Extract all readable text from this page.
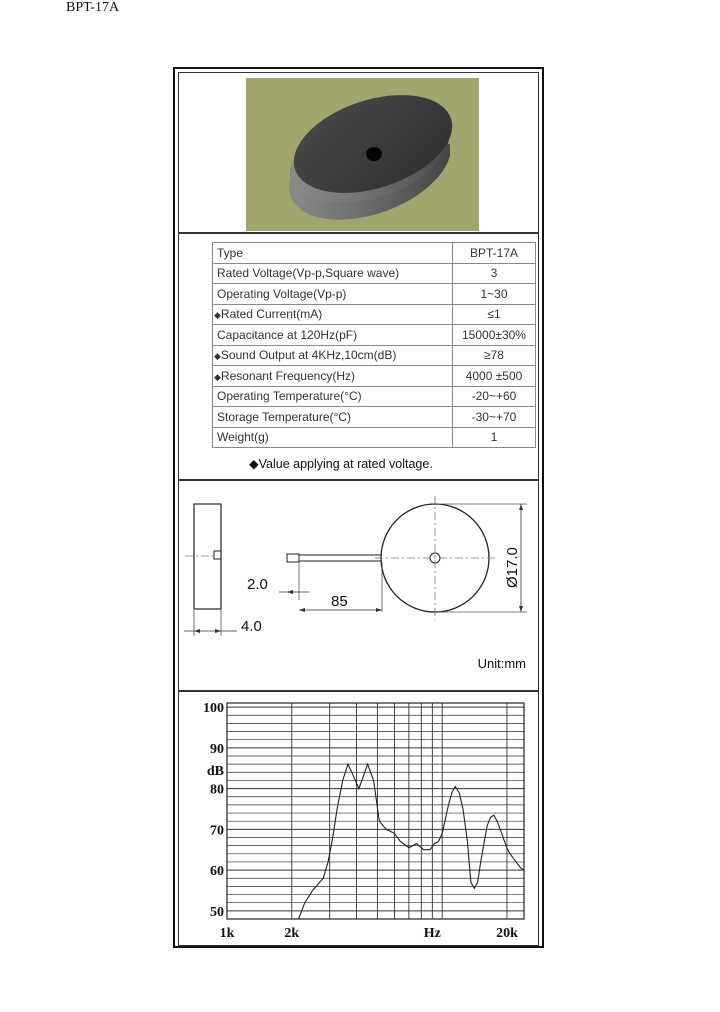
BPT-17A
Type	BPT-17A
Rated Voltage(Vp-p,Square wave)	3
Operating Voltage(Vp-p)	1~30
◆Rated Current(mA)	≤1
Capacitance at 120Hz(pF)	15000±30%
◆Sound Output at 4KHz,10cm(dB)	≥78
◆Resonant Frequency(Hz)	4000 ±500
Operating Temperature(°C)	-20~+60
Storage Temperature(°C)	-30~+70
Weight(g)	1
◆Value applying at rated voltage.
4.0
85
2.0	Ø17.0
Unit:mm
100
90
80
70
60
50
dB
1k	2k	Hz	20k
